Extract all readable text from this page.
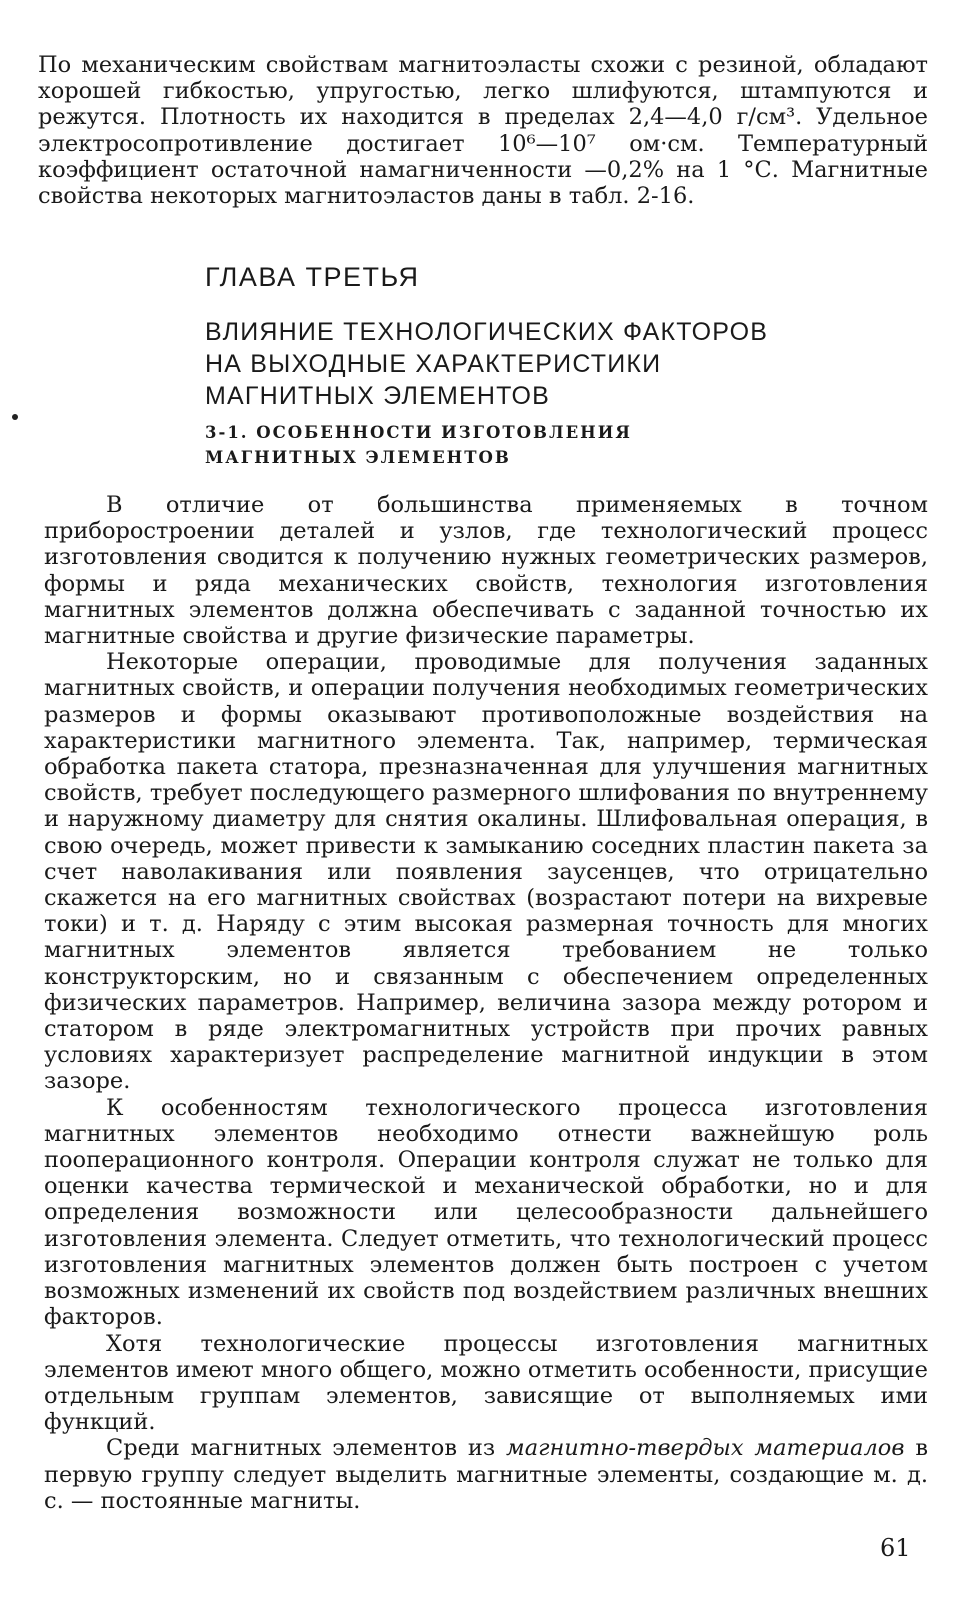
По механическим свойствам магнитоэласты схожи с резиной, обладают хорошей гибкостью, упругостью, легко шлифуются, штампуются и режутся. Плотность их находится в пределах 2,4—4,0 г/см³. Удельное электросопротивление достигает 10⁶—10⁷ ом·см. Температурный коэффициент остаточной намагниченности —0,2% на 1 °С. Магнитные свойства некоторых магнитоэластов даны в табл. 2-16.

ГЛАВА ТРЕТЬЯ
ВЛИЯНИЕ ТЕХНОЛОГИЧЕСКИХ ФАКТОРОВ
НА ВЫХОДНЫЕ ХАРАКТЕРИСТИКИ
МАГНИТНЫХ ЭЛЕМЕНТОВ
3-1. ОСОБЕННОСТИ ИЗГОТОВЛЕНИЯ
МАГНИТНЫХ ЭЛЕМЕНТОВ

В отличие от большинства применяемых в точном приборостроении деталей и узлов, где технологический процесс изготовления сводится к получению нужных геометрических размеров, формы и ряда механических свойств, технология изготовления магнитных элементов должна обеспечивать с заданной точностью их магнитные свойства и другие физические параметры.

Некоторые операции, проводимые для получения заданных магнитных свойств, и операции получения необходимых геометрических размеров и формы оказывают противоположные воздействия на характеристики магнитного элемента. Так, например, термическая обработка пакета статора, презназначенная для улучшения магнитных свойств, требует последующего размерного шлифования по внутреннему и наружному диаметру для снятия окалины. Шлифовальная операция, в свою очередь, может привести к замыканию соседних пластин пакета за счет наволакивания или появления заусенцев, что отрицательно скажется на его магнитных свойствах (возрастают потери на вихревые токи) и т. д. Наряду с этим высокая размерная точность для многих магнитных элементов является требованием не только конструкторским, но и связанным с обеспечением определенных физических параметров. Например, величина зазора между ротором и статором в ряде электромагнитных устройств при прочих равных условиях характеризует распределение магнитной индукции в этом зазоре.

К особенностям технологического процесса изготовления магнитных элементов необходимо отнести важнейшую роль пооперационного контроля. Операции контроля служат не только для оценки качества термической и механической обработки, но и для определения возможности или целесообразности дальнейшего изготовления элемента. Следует отметить, что технологический процесс изготовления магнитных элементов должен быть построен с учетом возможных изменений их свойств под воздействием различных внешних факторов.

Хотя технологические процессы изготовления магнитных элементов имеют много общего, можно отметить особенности, присущие отдельным группам элементов, зависящие от выполняемых ими функций.

Среди магнитных элементов из магнитно-твердых материалов в первую группу следует выделить магнитные элементы, создающие м. д. с. — постоянные магниты.

61
